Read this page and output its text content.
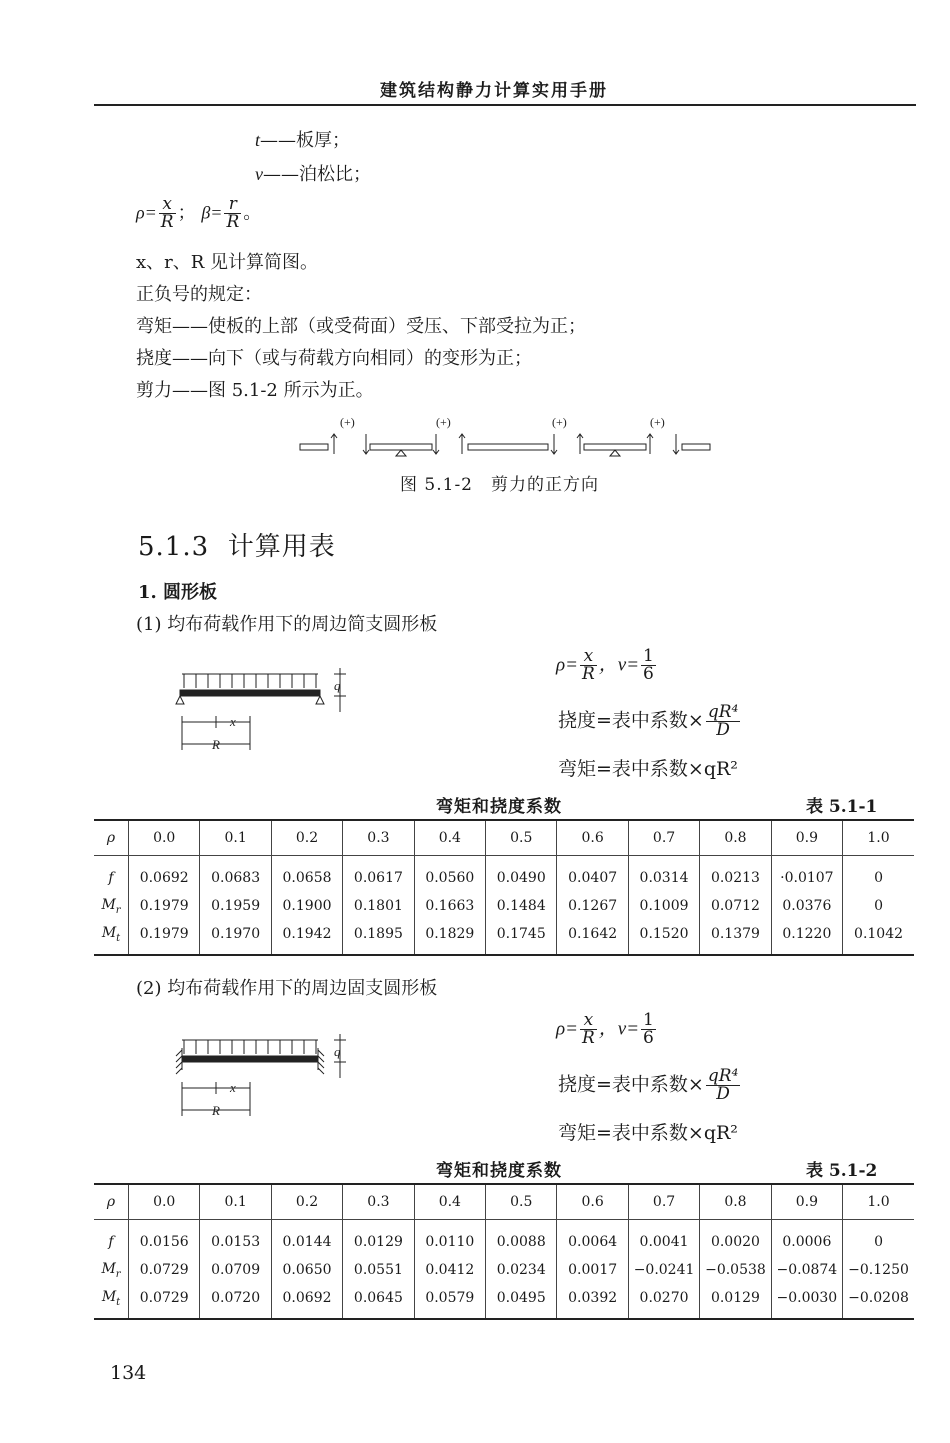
建筑结构静力计算实用手册
t——板厚；
ν——泊松比；
$\rho= \frac{x}{R}$ ； $\beta= \frac{r}{R}$ 。
x、r、R 见计算简图。
正负号的规定：
弯矩——使板的上部（或受荷面）受压、下部受拉为正；
挠度——向下（或与荷载方向相同）的变形为正；
剪力——图 5.1-2 所示为正。
(+)	(+)	(+)	(+)
图 5.1-2　剪力的正方向
5.1.3 计算用表
1. 圆形板
(1) 均布荷载作用下的周边简支圆形板
q
x
R
$\rho= \frac{x}{R}$ ，$\nu= \frac{1}{6}$
挠度=表中系数× $\frac{\text{qR⁴}}{D}$
弯矩=表中系数×qR²
弯矩和挠度系数	表 5.1-1
ρ	0.0	0.1	0.2	0.3	0.4	0.5	0.6	0.7	0.8	0.9	1.0
f	0.0692	0.0683	0.0658	0.0617	0.0560	0.0490	0.0407	0.0314	0.0213	·0.0107	0
$M_r$	0.1979	0.1959	0.1900	0.1801	0.1663	0.1484	0.1267	0.1009	0.0712	0.0376	0
$M_t$	0.1979	0.1970	0.1942	0.1895	0.1829	0.1745	0.1642	0.1520	0.1379	0.1220	0.1042
(2) 均布荷载作用下的周边固支圆形板
q
x
R
$\rho= \frac{x}{R}$ ，$\nu= \frac{1}{6}$
挠度=表中系数× $\frac{\text{qR⁴}}{D}$
弯矩=表中系数×qR²
弯矩和挠度系数	表 5.1-2
ρ	0.0	0.1	0.2	0.3	0.4	0.5	0.6	0.7	0.8	0.9	1.0
f	0.0156	0.0153	0.0144	0.0129	0.0110	0.0088	0.0064	0.0041	0.0020	0.0006	0
$M_r$	0.0729	0.0709	0.0650	0.0551	0.0412	0.0234	0.0017	−0.0241	−0.0538	−0.0874	−0.1250
$M_t$	0.0729	0.0720	0.0692	0.0645	0.0579	0.0495	0.0392	0.0270	0.0129	−0.0030	−0.0208
134
